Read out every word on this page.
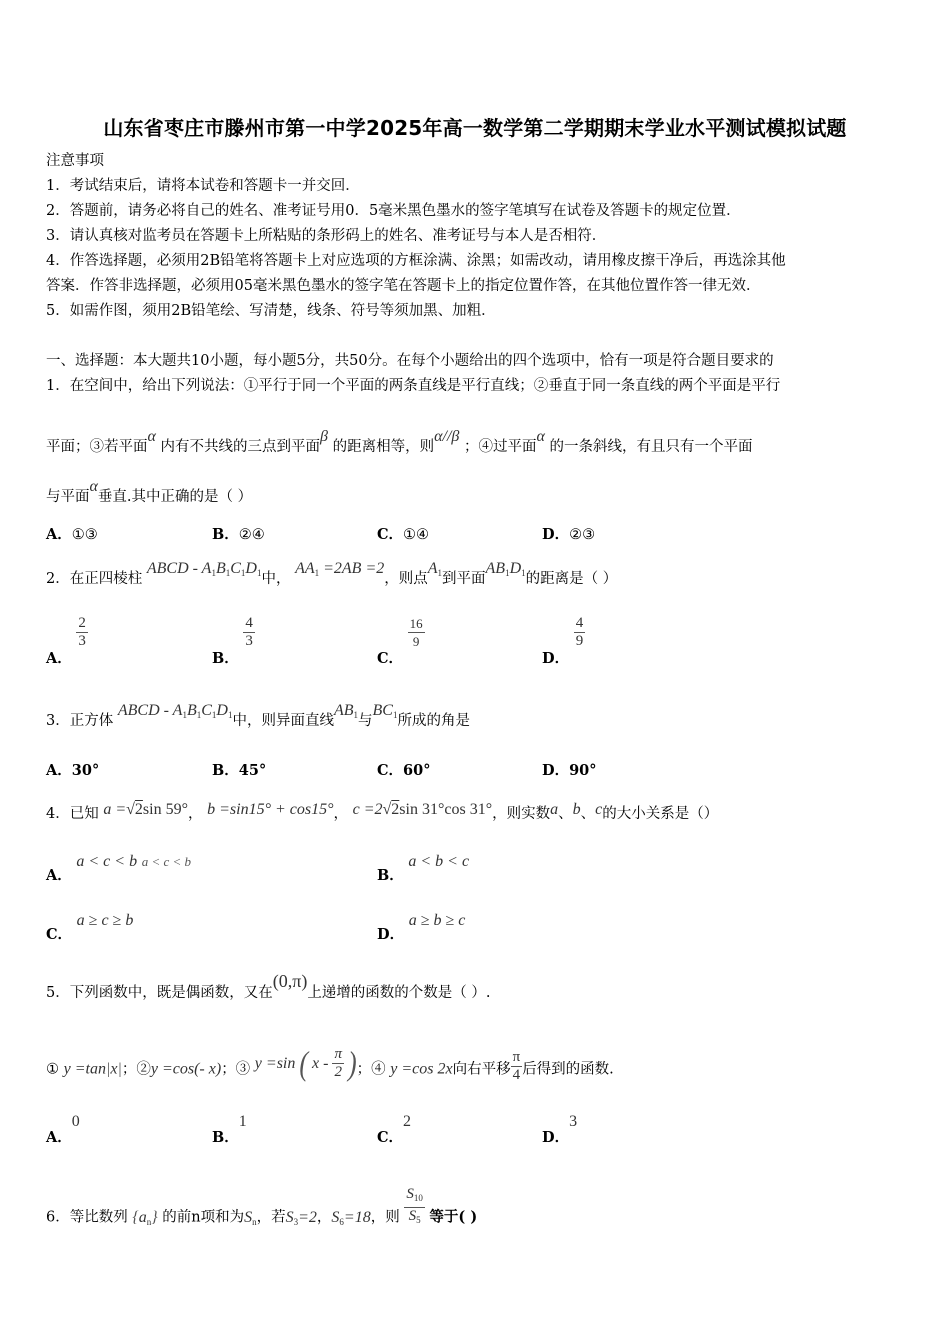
山东省枣庄市滕州市第一中学2025年高一数学第二学期期末学业水平测试模拟试题
注意事项
1．考试结束后，请将本试卷和答题卡一并交回．
2．答题前，请务必将自己的姓名、准考证号用0．5毫米黑色墨水的签字笔填写在试卷及答题卡的规定位置．
3．请认真核对监考员在答题卡上所粘贴的条形码上的姓名、准考证号与本人是否相符．
4．作答选择题，必须用2B铅笔将答题卡上对应选项的方框涂满、涂黑；如需改动，请用橡皮擦干净后，再选涂其他
答案．作答非选择题，必须用05毫米黑色墨水的签字笔在答题卡上的指定位置作答，在其他位置作答一律无效．
5．如需作图，须用2B铅笔绘、写清楚，线条、符号等须加黑、加粗．
一、选择题：本大题共10小题，每小题5分，共50分。在每个小题给出的四个选项中，恰有一项是符合题目要求的
1．在空间中，给出下列说法：①平行于同一个平面的两条直线是平行直线；②垂直于同一条直线的两个平面是平行
平面；③若平面α 内有不共线的三点到平面β 的距离相等，则α//β ；④过平面α 的一条斜线，有且只有一个平面
与平面α垂直.其中正确的是（ ）
A．①③	B．②④	C．①④	D．②③
2．在正四棱柱 ABCD - $A_1B_1C_1D_1$中， $AA_1 =2AB =2$，则点$A_1$到平面$AB_1D_1$的距离是（ ）
A．
$\frac{2}{3}$
B．
$\frac{4}{3}$
C．
$\frac{16}{9}$
D．
$\frac{4}{9}$
3．正方体 ABCD - $A_1B_1C_1D_1$中，则异面直线$AB_1$与$BC_1$所成的角是
A．30°	B．45°	C．60°	D．90°
4．已知 a =√2sin 59°， b =sin15° + cos15°， c =2√2sin 31°cos 31°，则实数a、b、c的大小关系是（）
A． a < c < b a < c < b
B． a < b < c
C． a ≥ c ≥ b
D． a ≥ b ≥ c
5．下列函数中，既是偶函数，又在(0,π)上递增的函数的个数是（ ）.
① y =tan|x|；②y =cos(- x)；③ y =sin ( x - $\frac{\pi}{2}$ )；④ y =cos 2x向右平移 $\frac{\pi}{4}$ 后得到的函数.
A．0
B．1
C．2
D．3
6．等比数列 $\{a_n\}$ 的前n项和为$S_n$，若$S_3=2$，$S_6=18$，则 $\frac{S_{10}}{S_5}$ 等于( )
